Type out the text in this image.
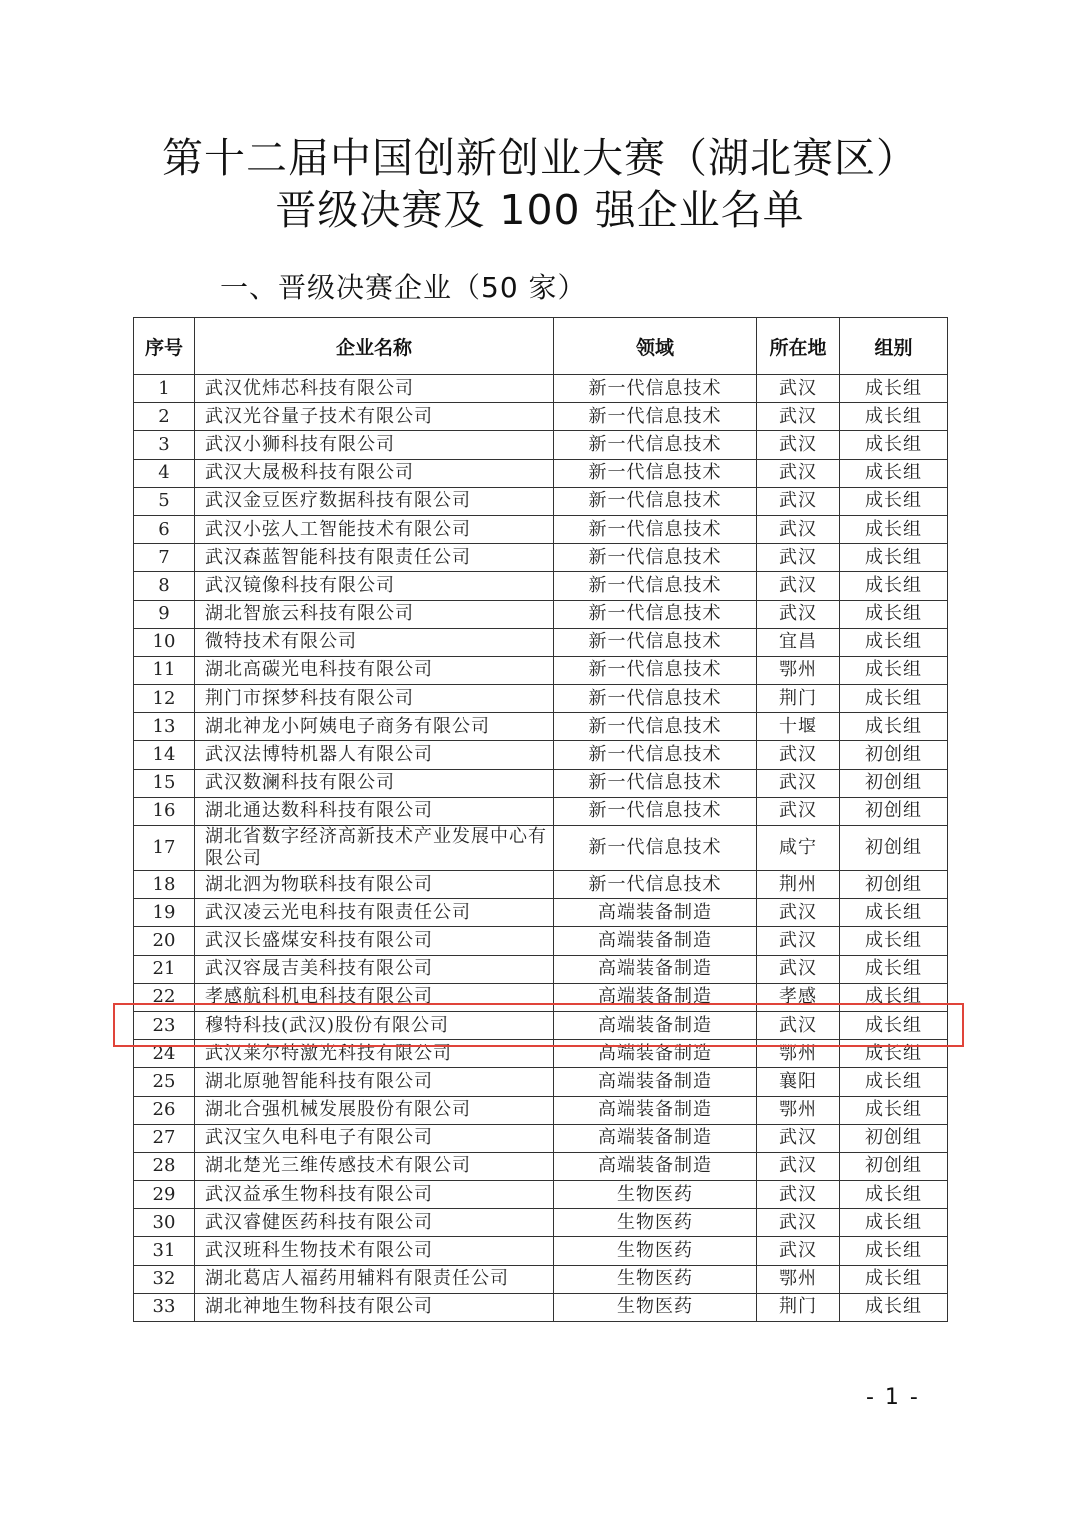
第十二届中国创新创业大赛（湖北赛区）
晋级决赛及 100 强企业名单
一、晋级决赛企业（50 家）
序号	企业名称	领域	所在地	组别
1	武汉优炜芯科技有限公司	新一代信息技术	武汉	成长组
2	武汉光谷量子技术有限公司	新一代信息技术	武汉	成长组
3	武汉小狮科技有限公司	新一代信息技术	武汉	成长组
4	武汉大晟极科技有限公司	新一代信息技术	武汉	成长组
5	武汉金豆医疗数据科技有限公司	新一代信息技术	武汉	成长组
6	武汉小弦人工智能技术有限公司	新一代信息技术	武汉	成长组
7	武汉森蓝智能科技有限责任公司	新一代信息技术	武汉	成长组
8	武汉镜像科技有限公司	新一代信息技术	武汉	成长组
9	湖北智旅云科技有限公司	新一代信息技术	武汉	成长组
10	微特技术有限公司	新一代信息技术	宜昌	成长组
11	湖北高碳光电科技有限公司	新一代信息技术	鄂州	成长组
12	荆门市探梦科技有限公司	新一代信息技术	荆门	成长组
13	湖北神龙小阿姨电子商务有限公司	新一代信息技术	十堰	成长组
14	武汉法博特机器人有限公司	新一代信息技术	武汉	初创组
15	武汉数澜科技有限公司	新一代信息技术	武汉	初创组
16	湖北通达数科科技有限公司	新一代信息技术	武汉	初创组
17	湖北省数字经济高新技术产业发展中心有限公司	新一代信息技术	咸宁	初创组
18	湖北泗为物联科技有限公司	新一代信息技术	荆州	初创组
19	武汉凌云光电科技有限责任公司	高端装备制造	武汉	成长组
20	武汉长盛煤安科技有限公司	高端装备制造	武汉	成长组
21	武汉容晟吉美科技有限公司	高端装备制造	武汉	成长组
22	孝感航科机电科技有限公司	高端装备制造	孝感	成长组
23	穆特科技(武汉)股份有限公司	高端装备制造	武汉	成长组
24	武汉莱尔特激光科技有限公司	高端装备制造	鄂州	成长组
25	湖北原驰智能科技有限公司	高端装备制造	襄阳	成长组
26	湖北合强机械发展股份有限公司	高端装备制造	鄂州	成长组
27	武汉宝久电科电子有限公司	高端装备制造	武汉	初创组
28	湖北楚光三维传感技术有限公司	高端装备制造	武汉	初创组
29	武汉益承生物科技有限公司	生物医药	武汉	成长组
30	武汉睿健医药科技有限公司	生物医药	武汉	成长组
31	武汉班科生物技术有限公司	生物医药	武汉	成长组
32	湖北葛店人福药用辅料有限责任公司	生物医药	鄂州	成长组
33	湖北神地生物科技有限公司	生物医药	荆门	成长组
- 1 -
